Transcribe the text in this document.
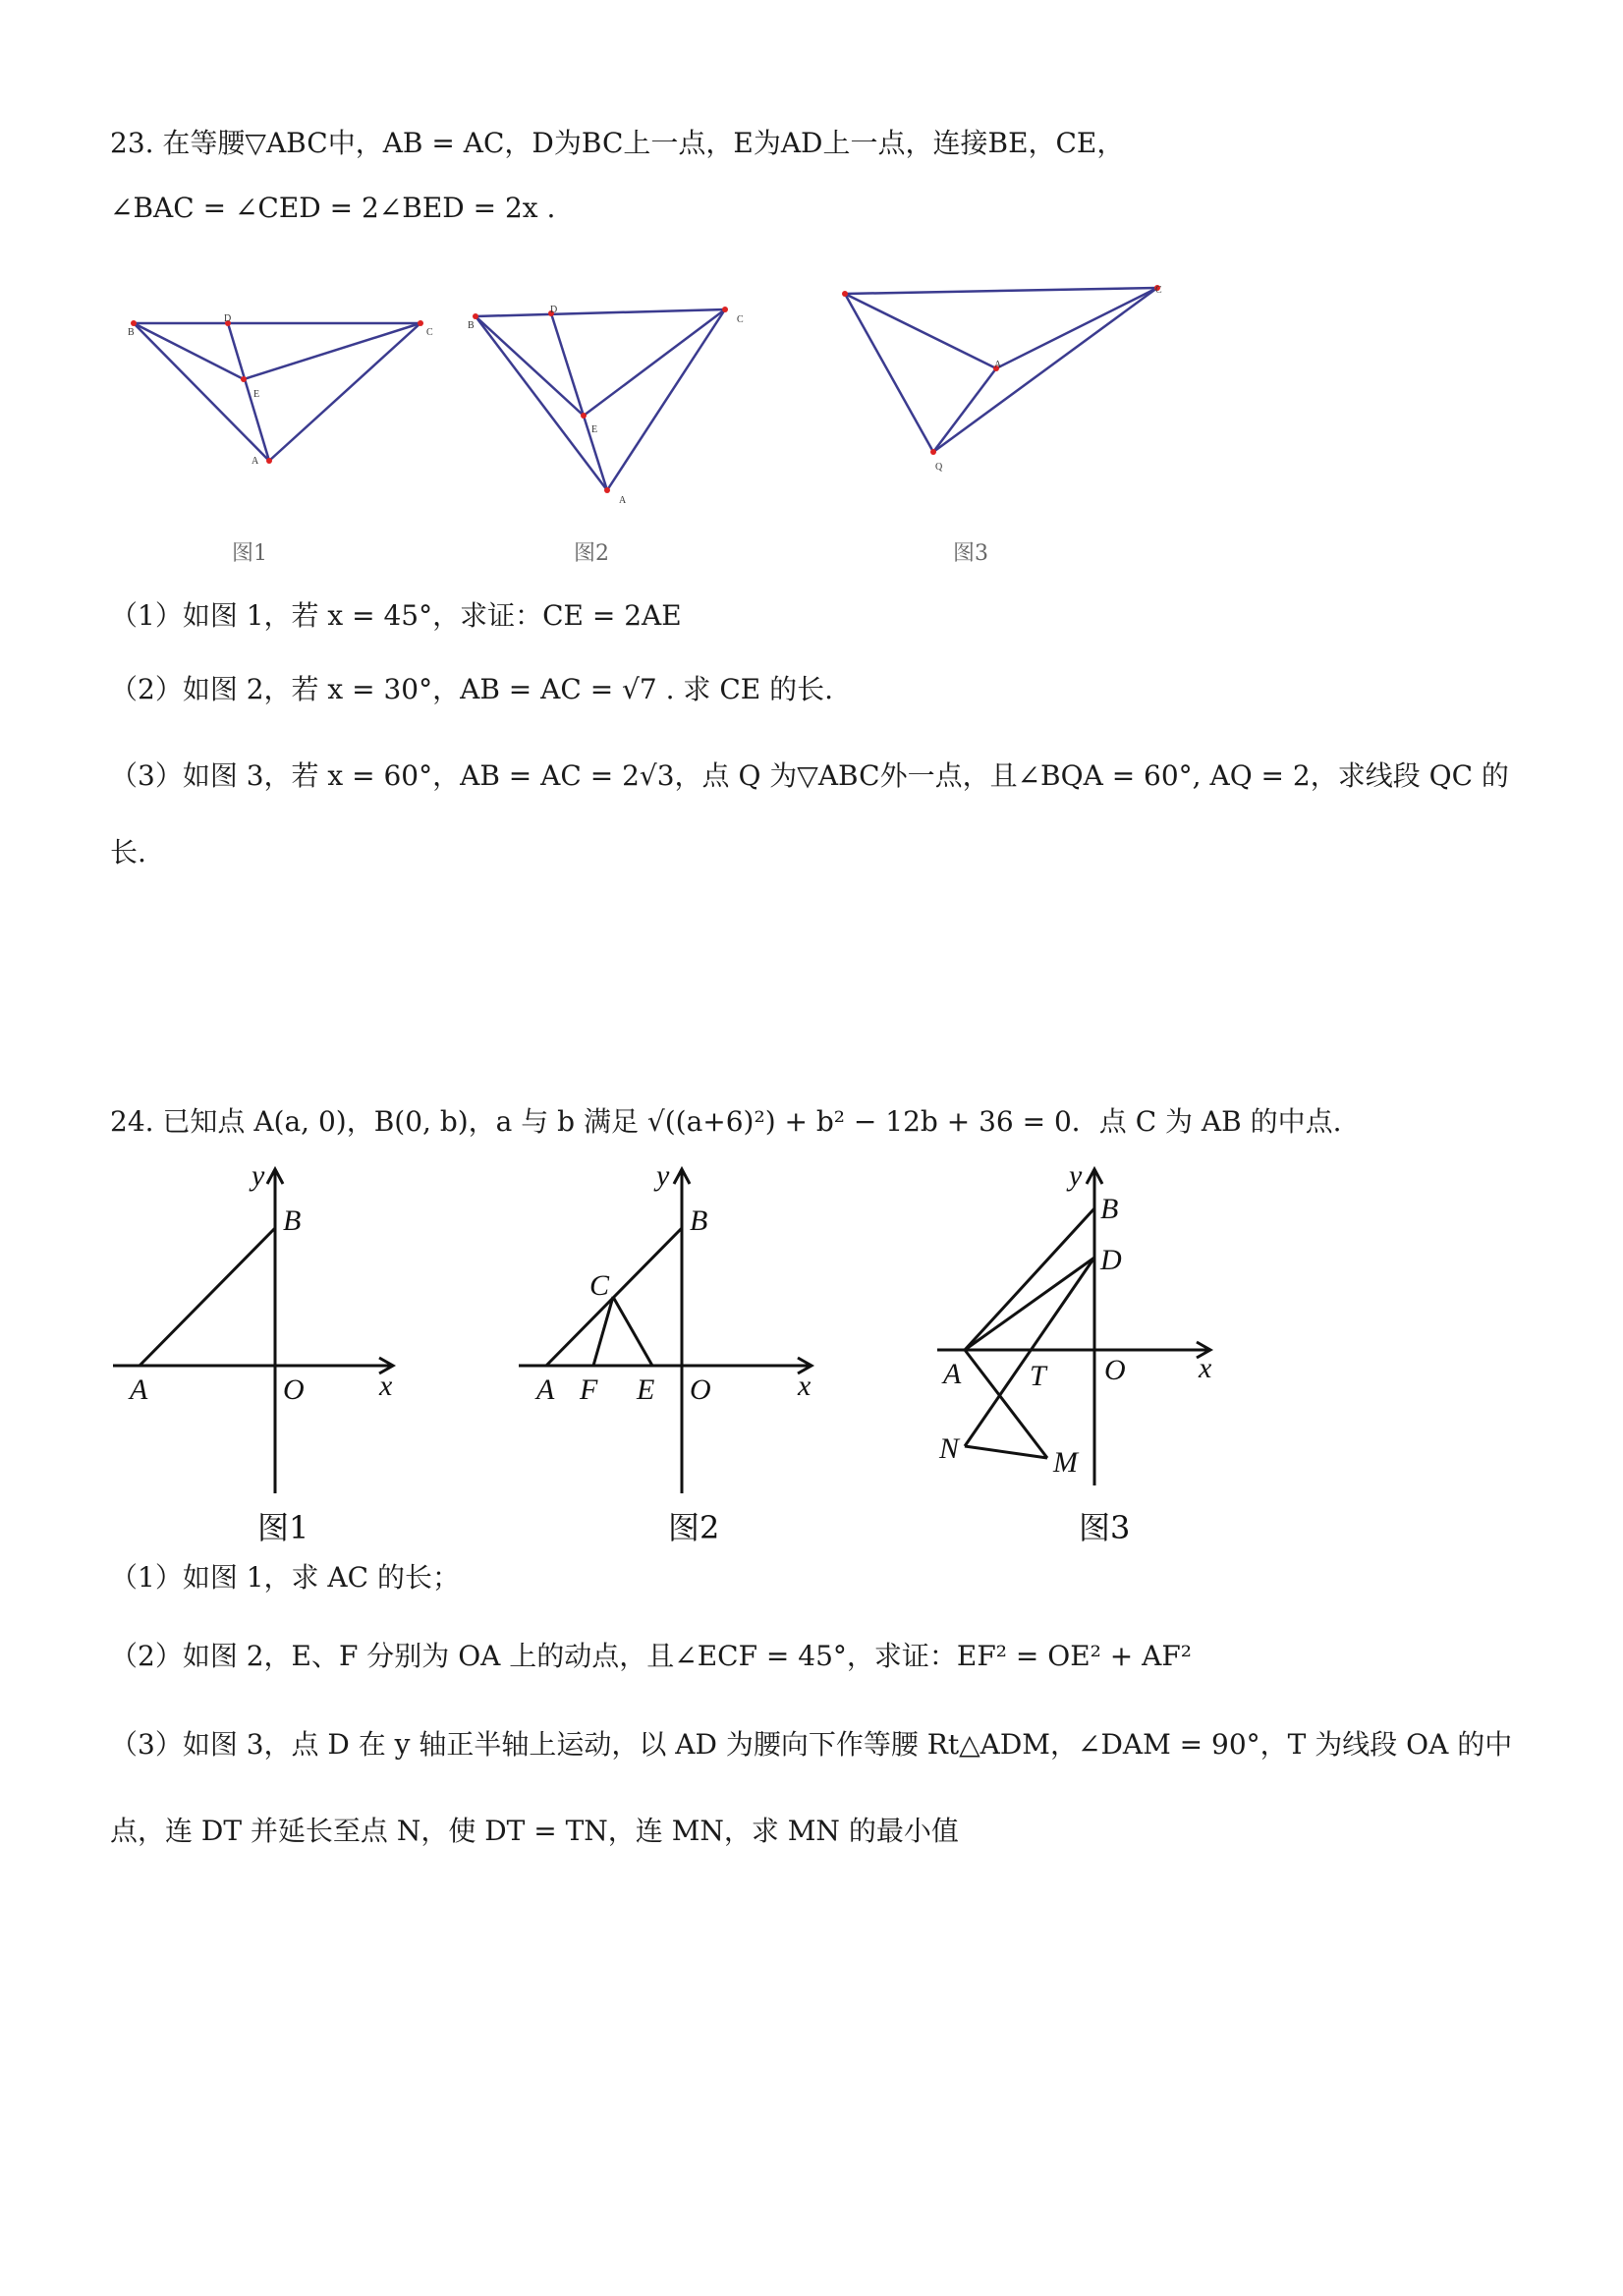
23. 在等腰▽ABC中，AB = AC，D为BC上一点，E为AD上一点，连接BE，CE，
∠BAC = ∠CED = 2∠BED = 2x .
B
D
C
E
A
B
D
C
E
A
C
A
Q
图1	图2	图3
（1）如图 1，若 x = 45°，求证：CE = 2AE
（2）如图 2，若 x = 30°，AB = AC = √7 . 求 CE 的长.
（3）如图 3，若 x = 60°，AB = AC = 2√3，点 Q 为▽ABC外一点，且∠BQA = 60°, AQ = 2，求线段 QC 的
长.
24. 已知点 A(a, 0)，B(0, b)，a 与 b 满足 √((a+6)²) + b² − 12b + 36 = 0．点 C 为 AB 的中点.
y
B
A	O	x
y
B
C
A F E O	x
y
B
D
A T O x
N	M
图1	图2	图3
（1）如图 1，求 AC 的长；
（2）如图 2，E、F 分别为 OA 上的动点，且∠ECF = 45°，求证：EF² = OE² + AF²
（3）如图 3，点 D 在 y 轴正半轴上运动，以 AD 为腰向下作等腰 Rt△ADM，∠DAM = 90°，T 为线段 OA 的中
点，连 DT 并延长至点 N，使 DT = TN，连 MN，求 MN 的最小值
